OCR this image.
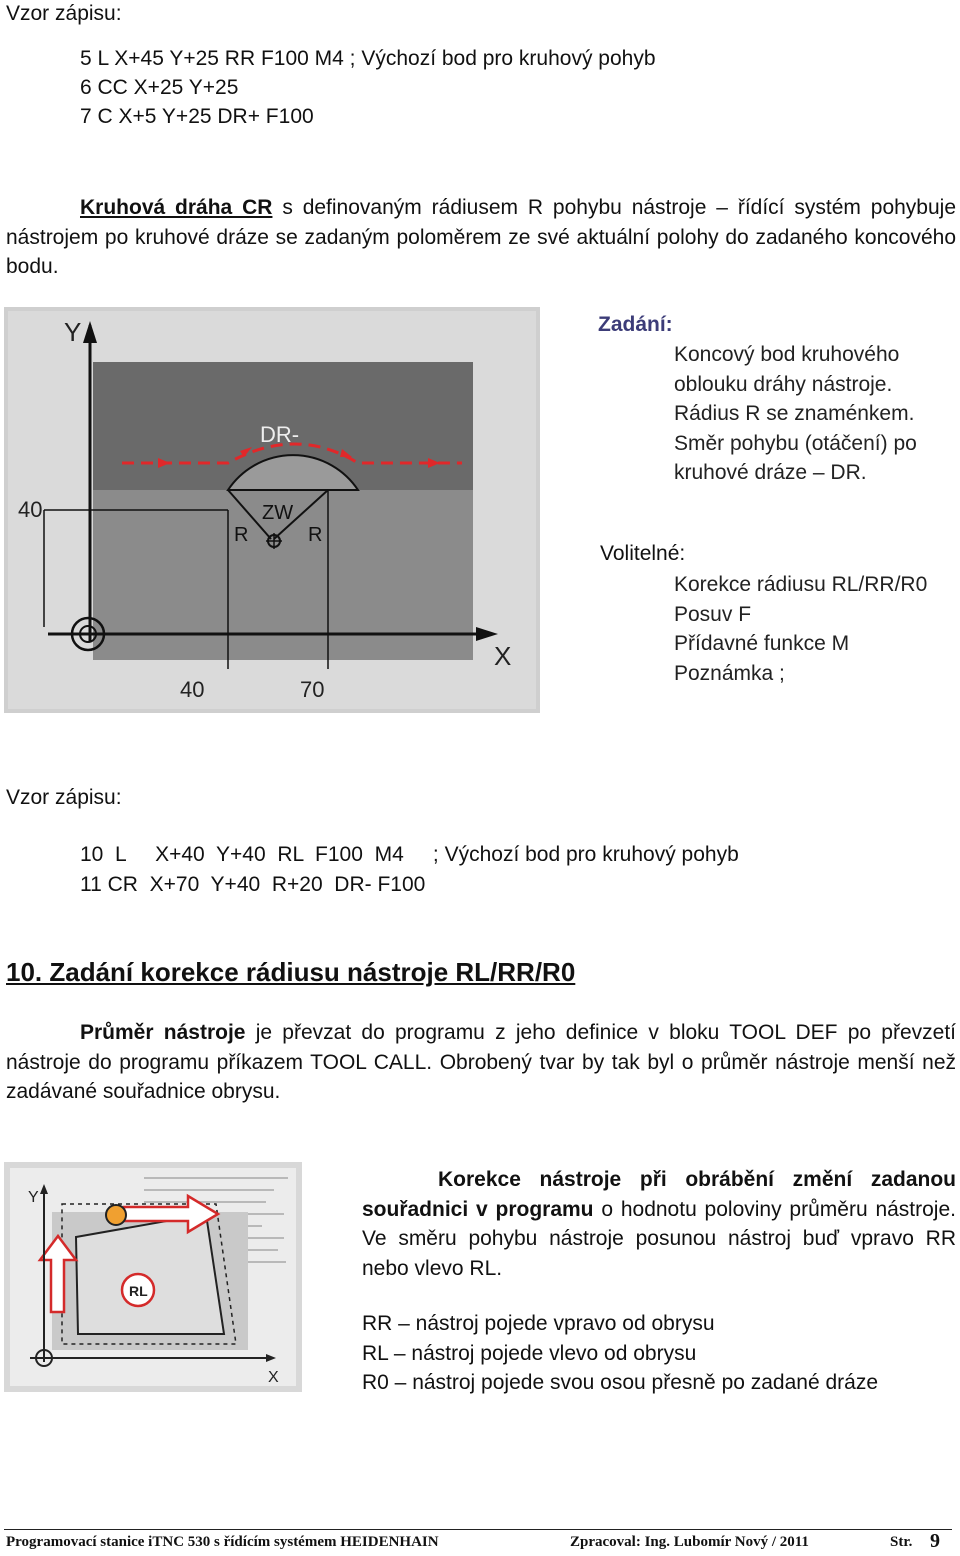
Vzor zápisu:
5 L X+45 Y+25 RR F100 M4 ; Výchozí bod pro kruhový pohyb
6 CC X+25 Y+25
7 C X+5 Y+25 DR+ F100
Kruhová dráha CR s definovaným rádiusem R pohybu nástroje – řídící systém pohybuje nástrojem po kruhové dráze se zadaným poloměrem ze své aktuální polohy do zadaného koncového bodu.
Y
X
DR-
ZW
R	R
40
40	70
Zadání:
Koncový bod kruhového
oblouku dráhy nástroje.
Rádius R se znaménkem.
Směr pohybu (otáčení) po
kruhové dráze – DR.
Volitelné:
Korekce rádiusu RL/RR/R0
Posuv F
Přídavné funkce M
Poznámka ;
Vzor zápisu:
10  L     X+40  Y+40  RL  F100  M4     ; Výchozí bod pro kruhový pohyb
11 CR  X+70  Y+40  R+20  DR- F100
10. Zadání korekce rádiusu nástroje RL/RR/R0
Průměr nástroje je převzat do programu z jeho definice v bloku TOOL DEF po převzetí nástroje do programu příkazem TOOL CALL. Obrobený tvar by tak byl o průměr nástroje menší než zadávané souřadnice obrysu.
RL
Y
X
Korekce nástroje při obrábění změní zadanou souřadnici v programu o hodnotu poloviny průměru nástroje. Ve směru pohybu nástroje posunou nástroj buď vpravo RR nebo vlevo RL.
RR – nástroj pojede vpravo od obrysu
RL – nástroj pojede vlevo od obrysu
R0 – nástroj pojede svou osou přesně po zadané dráze
Programovací stanice iTNC 530 s řídícím systémem HEIDENHAIN	Zpracoval: Ing. Lubomír Nový / 2011	Str. 9
